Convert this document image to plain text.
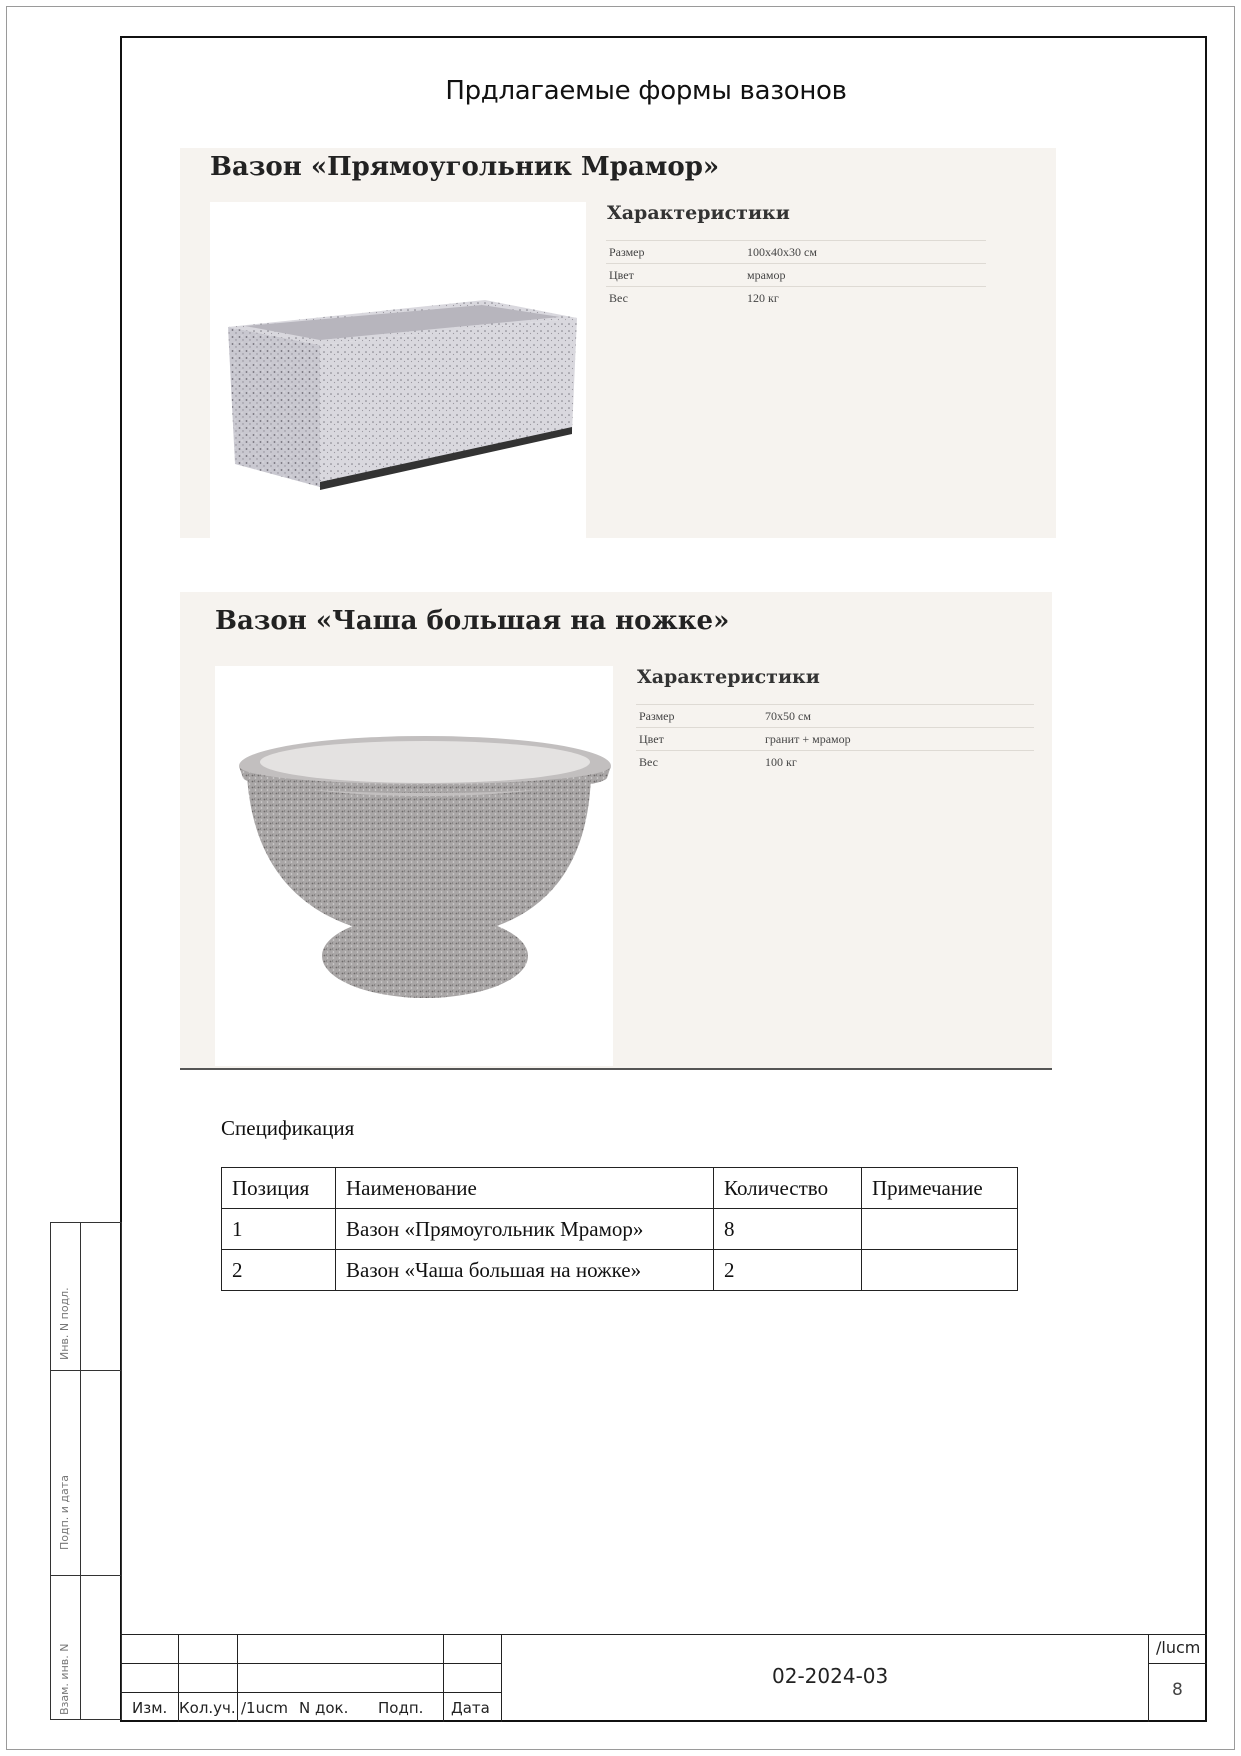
Прдлагаемые формы вазонов
Вазон «Прямоугольник Мрамор»
Характеристики
Размер	100x40x30 см
Цвет	мрамор
Вес	120 кг
Вазон «Чаша большая на ножке»
Характеристики
Размер	70x50 см
Цвет	гранит + мрамор
Вес	100 кг
Спецификация
Позиция	Наименование	Количество	Примечание
1	Вазон «Прямоугольник Мрамор»	8	
2	Вазон «Чаша большая на ножке»	2	
Инв. N подл.
Подп. и дата
Взам. инв. N	Изм. Кол.уч. /1ucm N док. Подп. Дата
02-2024-03
/lucm
8
